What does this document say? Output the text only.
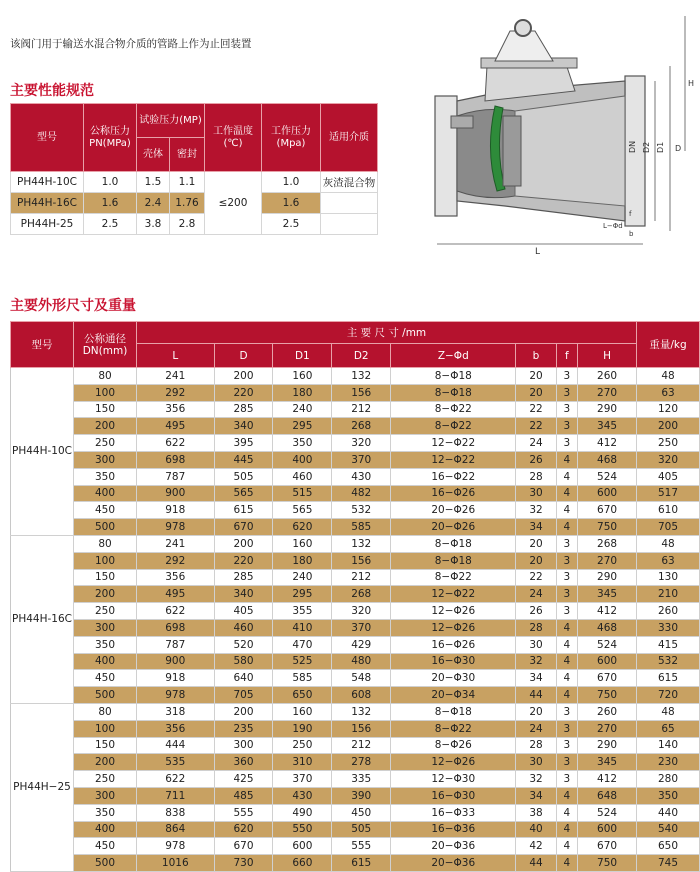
该阀门用于输送水混合物介质的管路上作为止回装置
主要性能规范
型号	公称压力PN(MPa)	试验压力(MP)		工作温度(℃)	工作压力(Mpa)	适用介质
		壳体	密封			
PH44H-10C	1.0	1.5	1.1	≤200	1.0	灰渣混合物
PH44H-16C	1.6	2.4	1.76		1.6	
PH44H-25	2.5	3.8	2.8		2.5	
L
DN D2 D1 D
H
L−Φd
b
f
主要外形尺寸及重量
型号	公称通径DN(mm)	主 要 尺 寸 /mm								重量/kg
		L	D	D1	D2	Z−Φd	b	f	H	
PH44H-10C	80	241	200	160	132	8−Φ18	20	3	260	48
	100	292	220	180	156	8−Φ18	20	3	270	63
	150	356	285	240	212	8−Φ22	22	3	290	120
	200	495	340	295	268	8−Φ22	22	3	345	200
	250	622	395	350	320	12−Φ22	24	3	412	250
	300	698	445	400	370	12−Φ22	26	4	468	320
	350	787	505	460	430	16−Φ22	28	4	524	405
	400	900	565	515	482	16−Φ26	30	4	600	517
	450	918	615	565	532	20−Φ26	32	4	670	610
	500	978	670	620	585	20−Φ26	34	4	750	705
PH44H-16C	80	241	200	160	132	8−Φ18	20	3	268	48
	100	292	220	180	156	8−Φ18	20	3	270	63
	150	356	285	240	212	8−Φ22	22	3	290	130
	200	495	340	295	268	12−Φ22	24	3	345	210
	250	622	405	355	320	12−Φ26	26	3	412	260
	300	698	460	410	370	12−Φ26	28	4	468	330
	350	787	520	470	429	16−Φ26	30	4	524	415
	400	900	580	525	480	16−Φ30	32	4	600	532
	450	918	640	585	548	20−Φ30	34	4	670	615
	500	978	705	650	608	20−Φ34	44	4	750	720
PH44H−25	80	318	200	160	132	8−Φ18	20	3	260	48
	100	356	235	190	156	8−Φ22	24	3	270	65
	150	444	300	250	212	8−Φ26	28	3	290	140
	200	535	360	310	278	12−Φ26	30	3	345	230
	250	622	425	370	335	12−Φ30	32	3	412	280
	300	711	485	430	390	16−Φ30	34	4	648	350
	350	838	555	490	450	16−Φ33	38	4	524	440
	400	864	620	550	505	16−Φ36	40	4	600	540
	450	978	670	600	555	20−Φ36	42	4	670	650
	500	1016	730	660	615	20−Φ36	44	4	750	745
